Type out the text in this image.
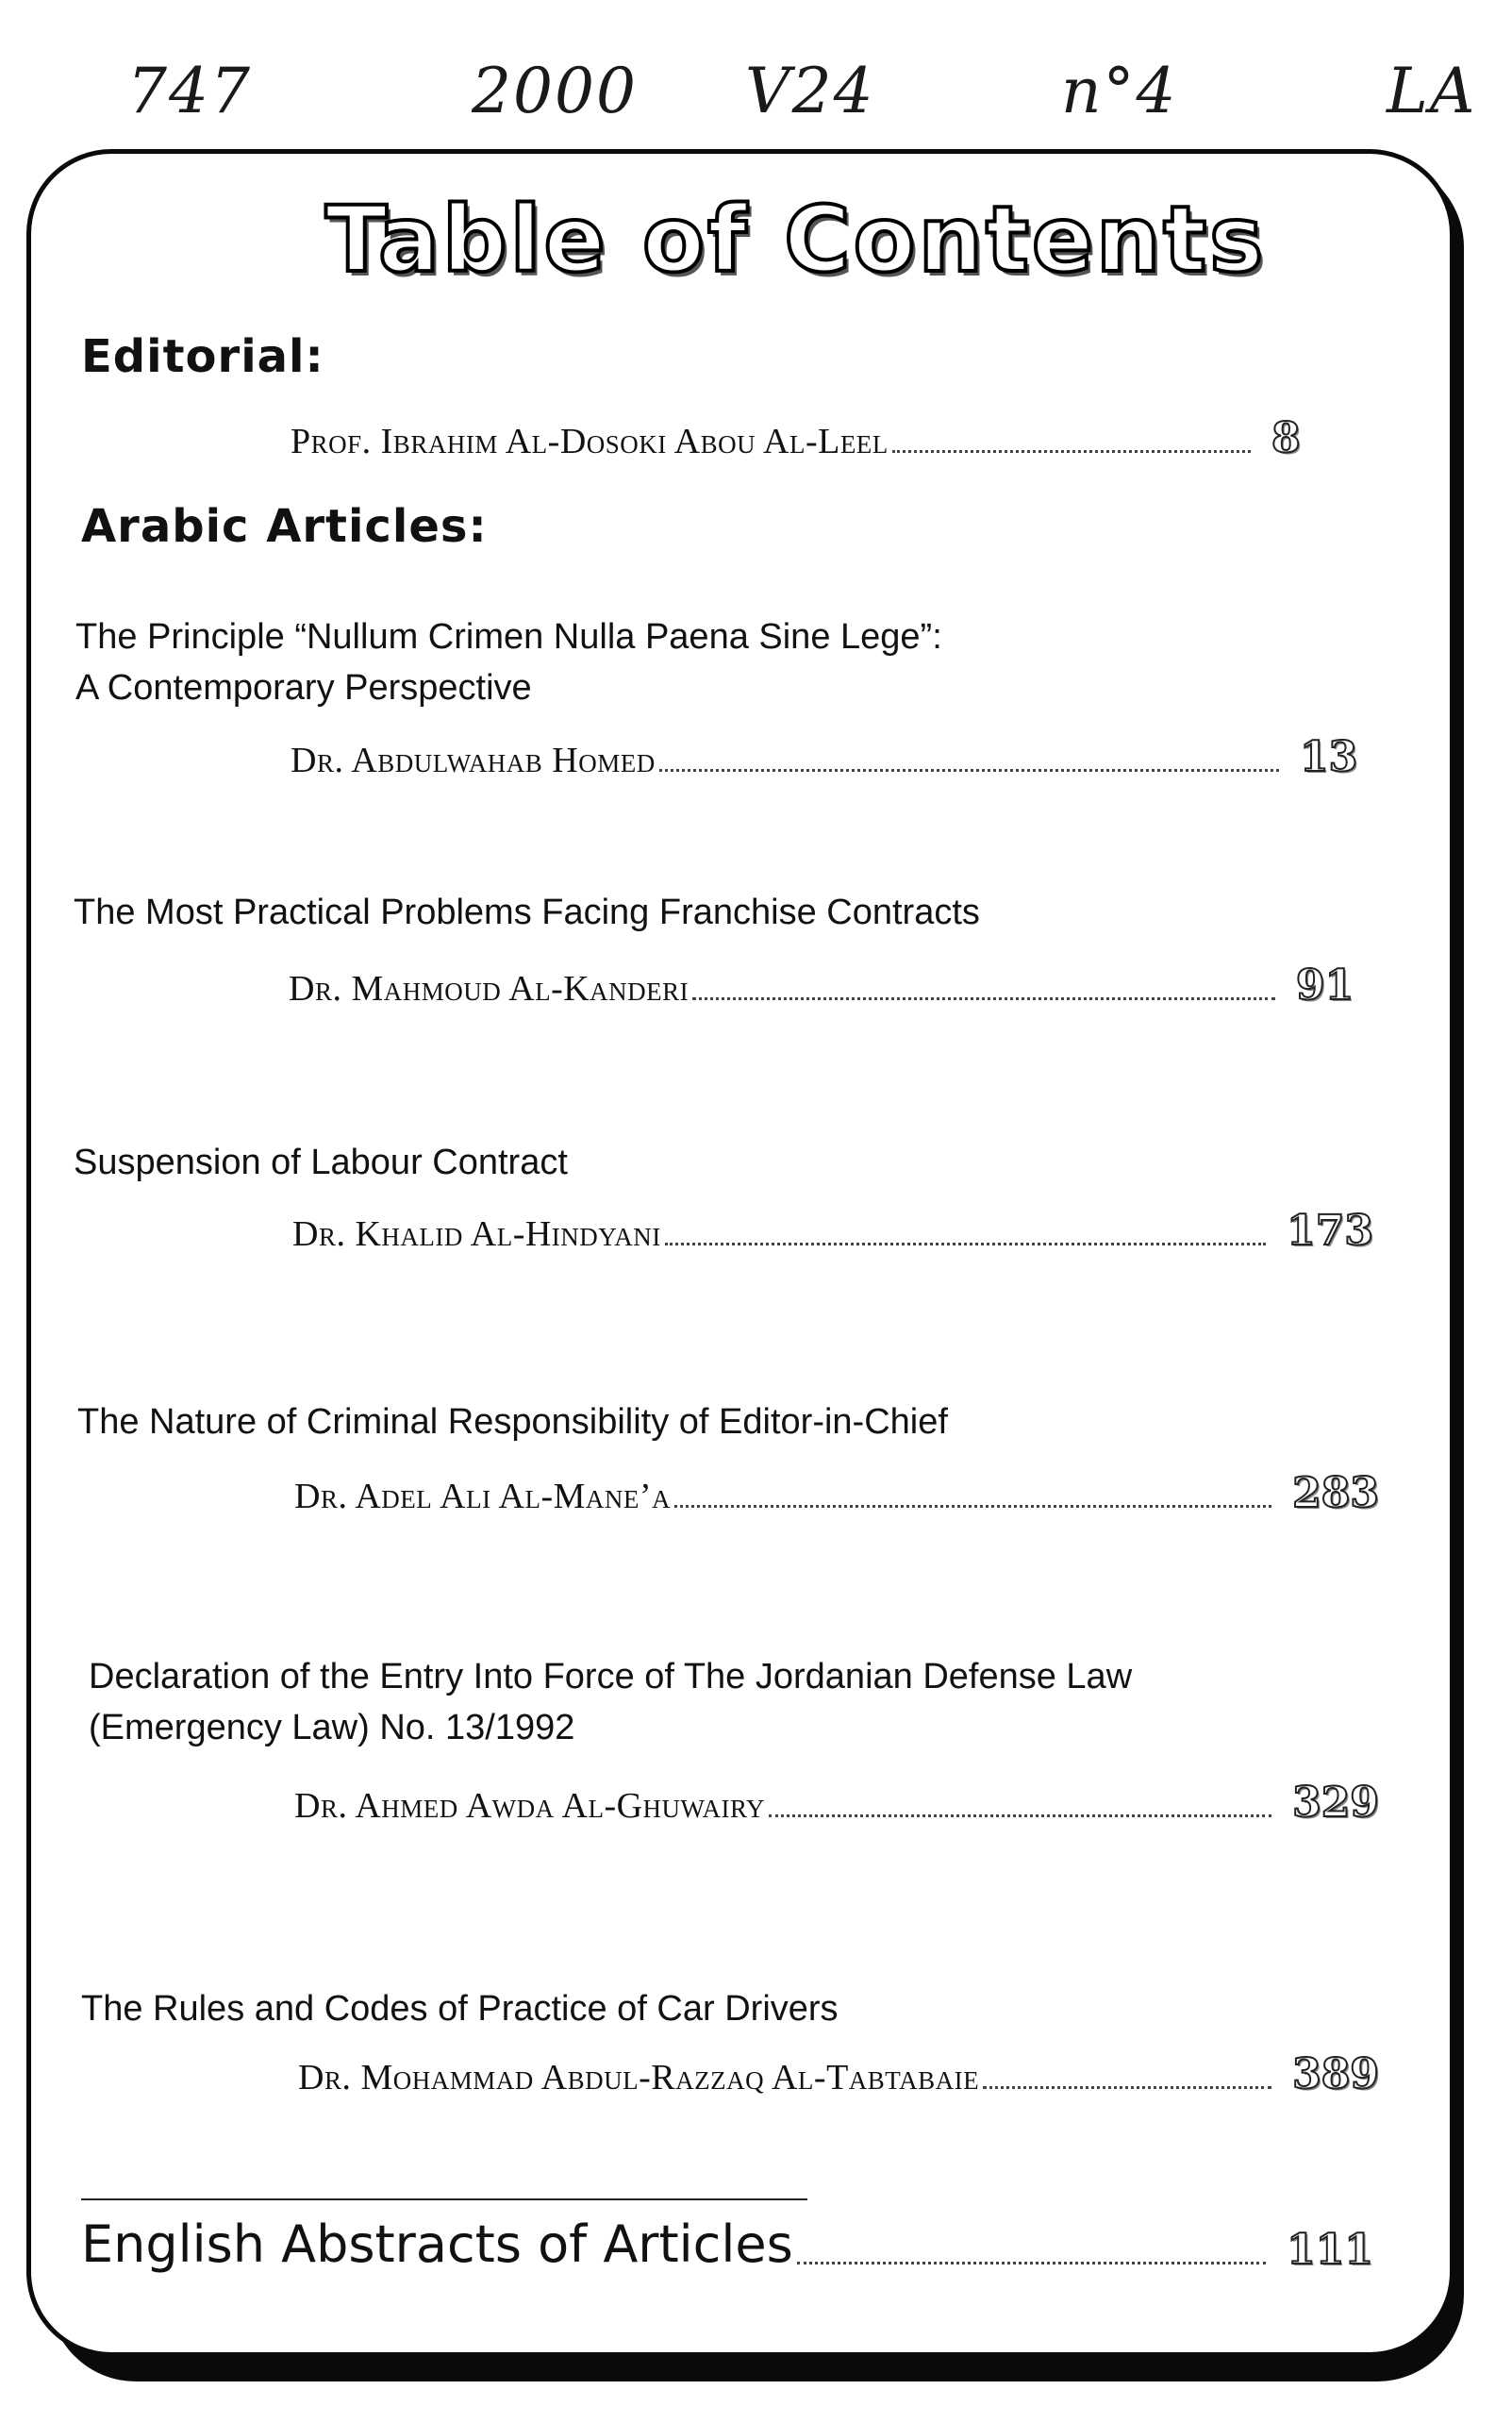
747	2000 V24	n°4	LA
Table of Contents
Editorial:
Prof. Ibrahim Al-Dosoki Abou Al-Leel	8
Arabic Articles:
The Principle “Nullum Crimen Nulla Paena Sine Lege”:
A Contemporary Perspective
Dr. Abdulwahab Homed	13
The Most Practical Problems Facing Franchise Contracts
Dr. Mahmoud Al-Kanderi	91
Suspension of Labour Contract
Dr. Khalid Al-Hindyani	173
The Nature of Criminal Responsibility of Editor-in-Chief
Dr. Adel Ali Al-Mane’a	283
Declaration of the Entry Into Force of The Jordanian Defense Law
(Emergency Law) No. 13/1992
Dr. Ahmed Awda Al-Ghuwairy	329
The Rules and Codes of Practice of Car Drivers
Dr. Mohammad Abdul-Razzaq Al-Tabtabaie	389
English Abstracts of Articles	111
